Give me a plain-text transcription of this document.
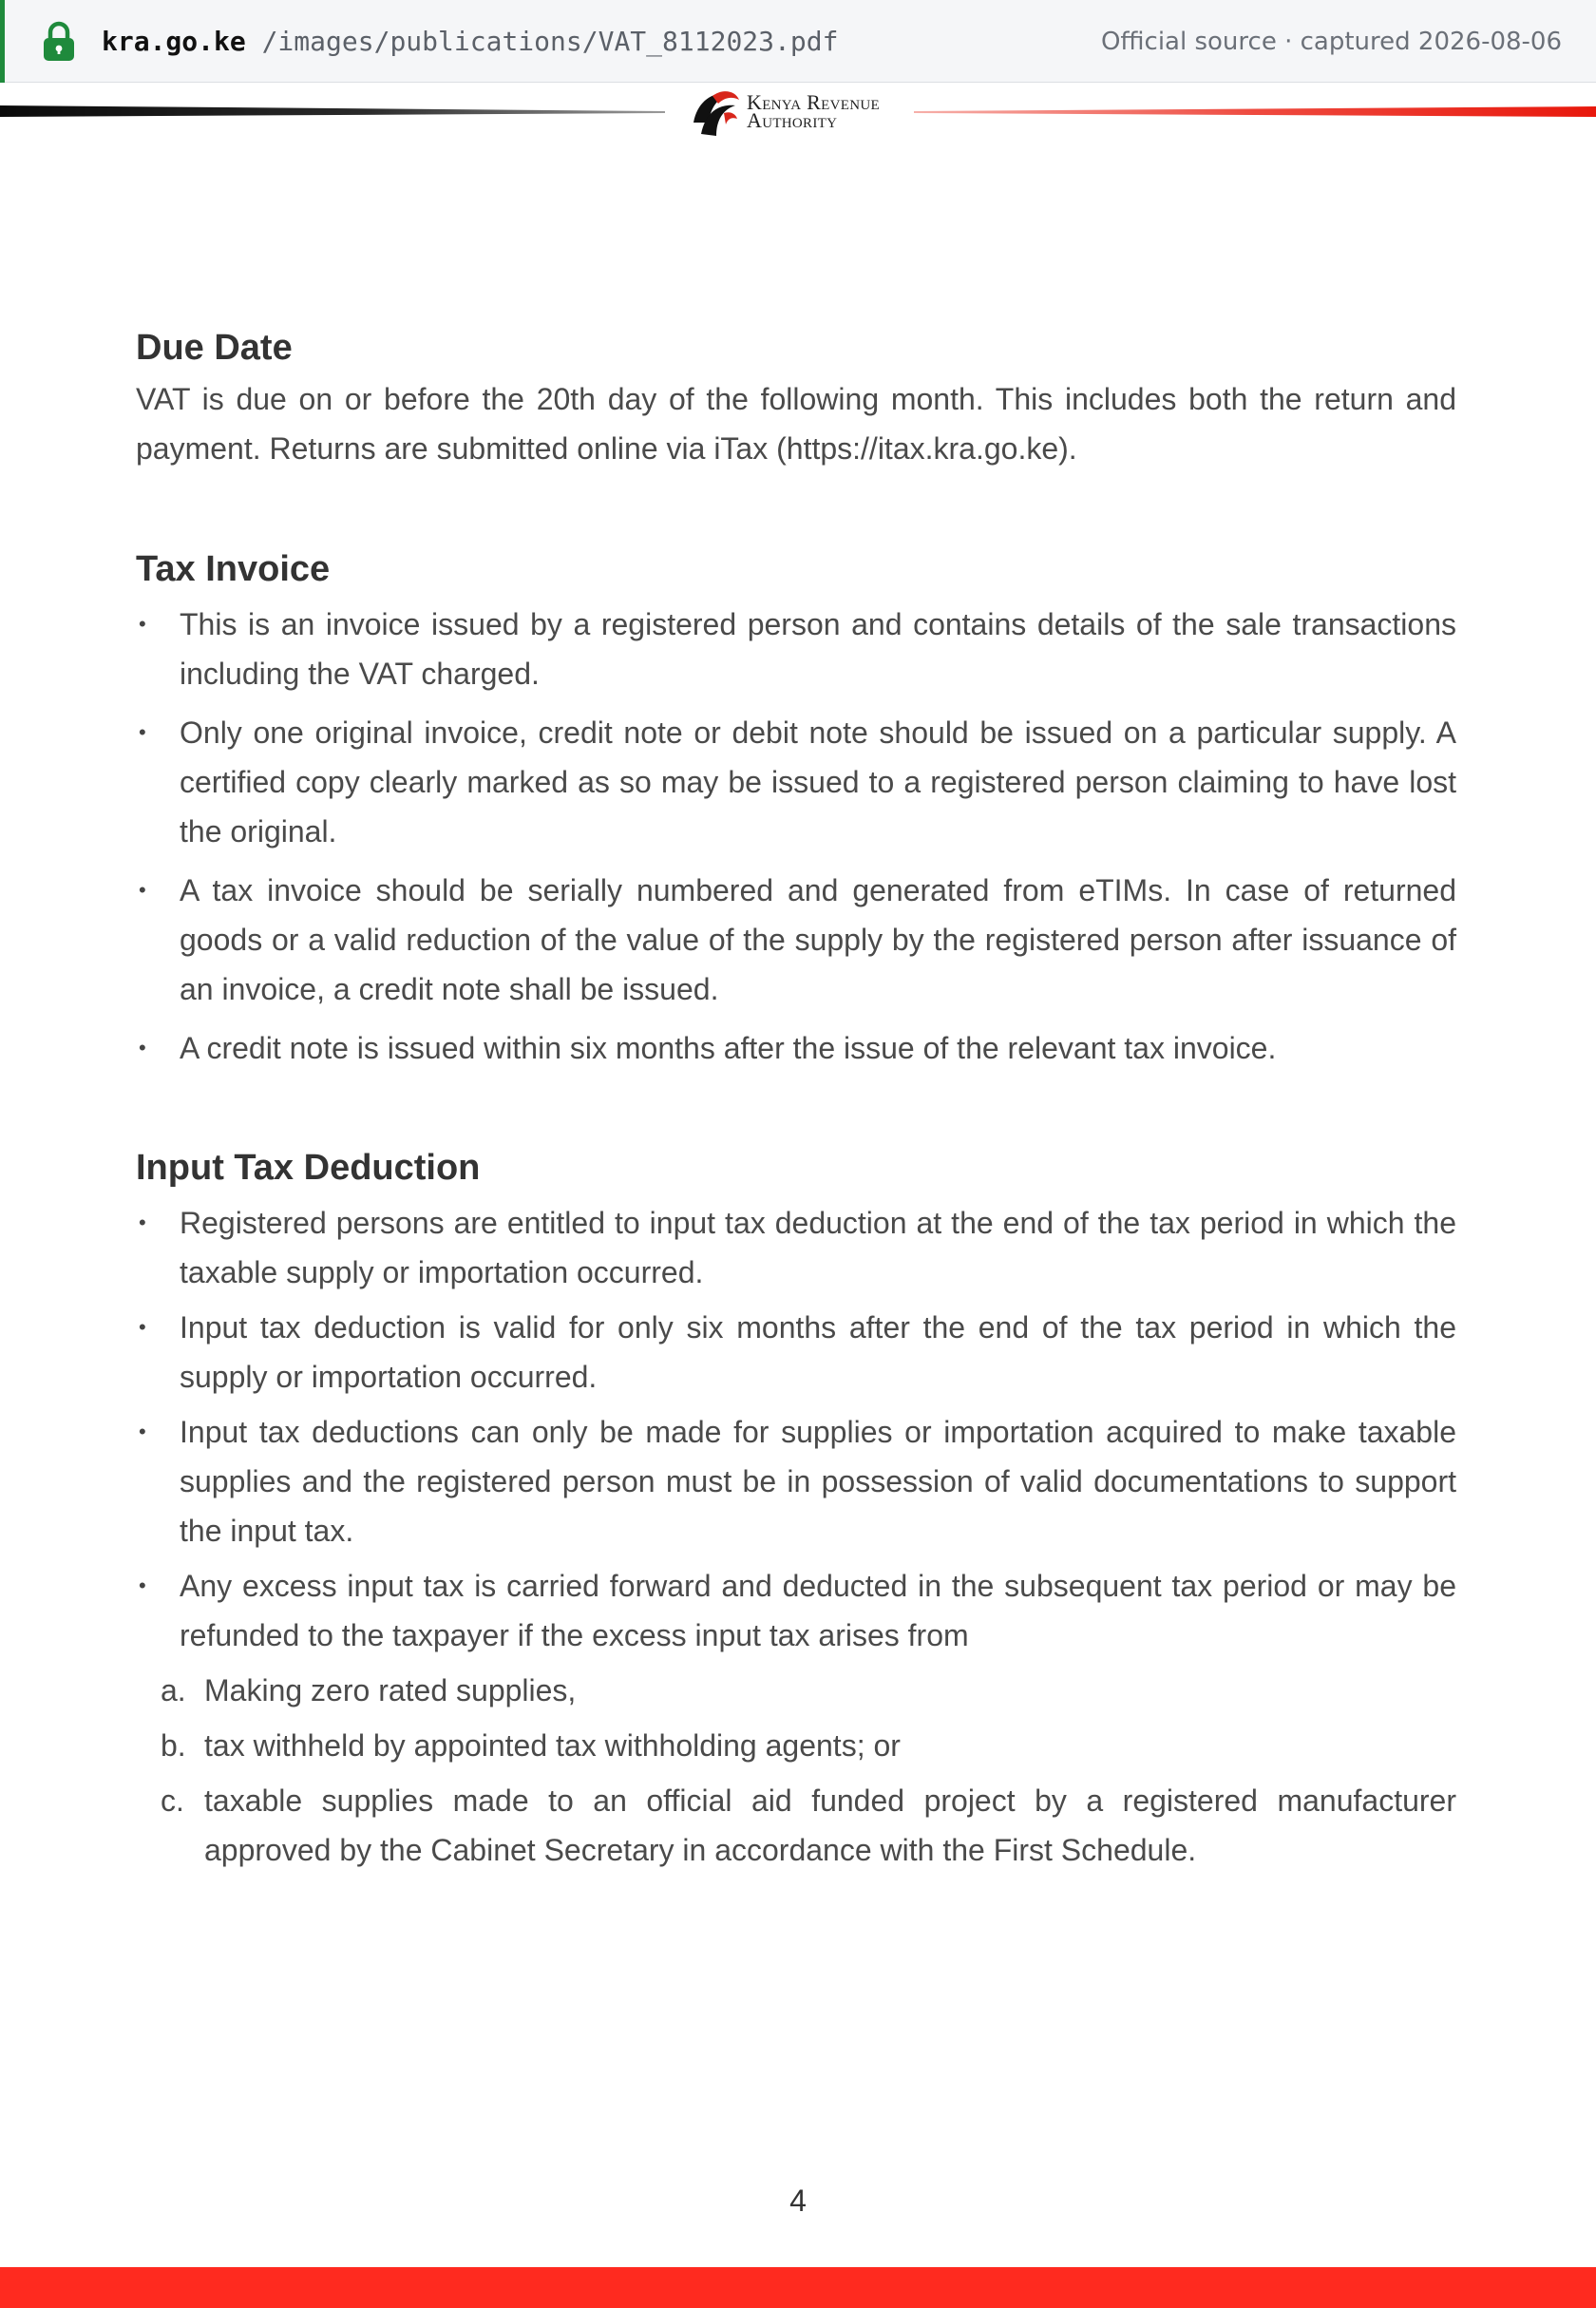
kra.go.ke /images/publications/VAT_8112023.pdf	Official source · captured 2026-08-06
Kenya Revenue
Authority
Due Date

VAT is due on or before the 20th day of the following month. This includes both the return and payment. Returns are submitted online via iTax (https://itax.kra.go.ke).

Tax Invoice
• This is an invoice issued by a registered person and contains details of the sale transactions including the VAT charged.
• Only one original invoice, credit note or debit note should be issued on a particular supply. A certified copy clearly marked as so may be issued to a registered person claiming to have lost the original.
• A tax invoice should be serially numbered and generated from eTIMs. In case of returned goods or a valid reduction of the value of the supply by the registered person after issuance of an invoice, a credit note shall be issued.
• A credit note is issued within six months after the issue of the relevant tax invoice.
Input Tax Deduction
• Registered persons are entitled to input tax deduction at the end of the tax period in which the taxable supply or importation occurred.
• Input tax deduction is valid for only six months after the end of the tax period in which the supply or importation occurred.
• Input tax deductions can only be made for supplies or importation acquired to make taxable supplies and the registered person must be in possession of valid documentations to support the input tax.
• Any excess input tax is carried forward and deducted in the subsequent tax period or may be refunded to the taxpayer if the excess input tax arises from
a. Making zero rated supplies,
b. tax withheld by appointed tax withholding agents; or
c. taxable supplies made to an official aid funded project by a registered manufacturer approved by the Cabinet Secretary in accordance with the First Schedule.
4
